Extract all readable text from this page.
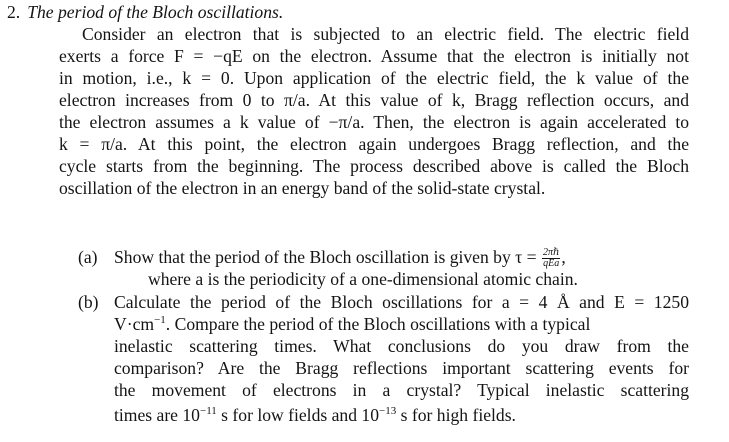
2. The period of the Bloch oscillations.
Consider an electron that is subjected to an electric field. The electric field
exerts a force F = −qE on the electron. Assume that the electron is initially not
in motion, i.e., k = 0. Upon application of the electric field, the k value of the
electron increases from 0 to π/a. At this value of k, Bragg reflection occurs, and
the electron assumes a k value of −π/a. Then, the electron is again accelerated to
k = π/a. At this point, the electron again undergoes Bragg reflection, and the
cycle starts from the beginning. The process described above is called the Bloch
oscillation of the electron in an energy band of the solid-state crystal.
(a) Show that the period of the Bloch oscillation is given by $\tau = \frac{\text{2πℏ}}{\text{qEa}}$ ,
where a is the periodicity of a one-dimensional atomic chain.
(b) Calculate the period of the Bloch oscillations for a = 4 Å and E = 1250
$V\cdot cm^{-1}$. Compare the period of the Bloch oscillations with a typical
inelastic scattering times. What conclusions do you draw from the
comparison? Are the Bragg reflections important scattering events for
the movement of electrons in a crystal? Typical inelastic scattering
times are $10^{-11}$ s for low fields and $10^{-13}$ s for high fields.
